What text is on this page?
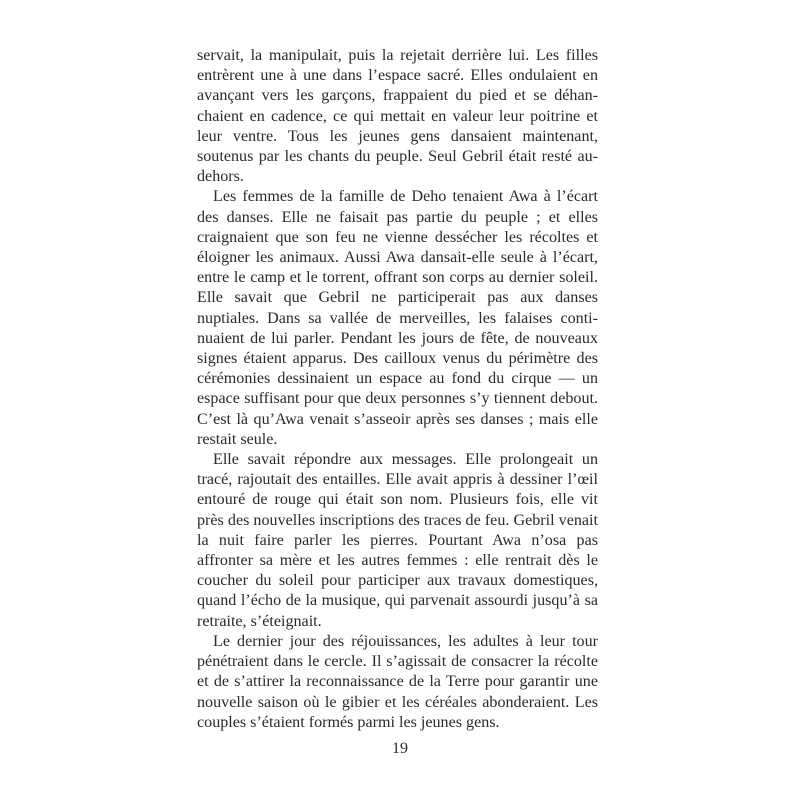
servait, la manipulait, puis la rejetait derrière lui. Les filles entrèrent une à une dans l’espace sacré. Elles ondulaient en avançant vers les garçons, frappaient du pied et se déhanchaient en cadence, ce qui mettait en valeur leur poitrine et leur ventre. Tous les jeunes gens dansaient maintenant, soutenus par les chants du peuple. Seul Gebril était resté au-dehors.

Les femmes de la famille de Deho tenaient Awa à l’écart des danses. Elle ne faisait pas partie du peuple ; et elles craignaient que son feu ne vienne dessécher les récoltes et éloigner les animaux. Aussi Awa dansait-elle seule à l’écart, entre le camp et le torrent, offrant son corps au dernier soleil. Elle savait que Gebril ne participerait pas aux danses nuptiales. Dans sa vallée de merveilles, les falaises continuaient de lui parler. Pendant les jours de fête, de nouveaux signes étaient apparus. Des cailloux venus du périmètre des cérémonies dessinaient un espace au fond du cirque — un espace suffisant pour que deux personnes s’y tiennent debout. C’est là qu’Awa venait s’asseoir après ses danses ; mais elle restait seule.

Elle savait répondre aux messages. Elle prolongeait un tracé, rajoutait des entailles. Elle avait appris à dessiner l’œil entouré de rouge qui était son nom. Plusieurs fois, elle vit près des nouvelles inscriptions des traces de feu. Gebril venait la nuit faire parler les pierres. Pourtant Awa n’osa pas affronter sa mère et les autres femmes : elle rentrait dès le coucher du soleil pour participer aux travaux domestiques, quand l’écho de la musique, qui parvenait assourdi jusqu’à sa retraite, s’éteignait.

Le dernier jour des réjouissances, les adultes à leur tour pénétraient dans le cercle. Il s’agissait de consacrer la récolte et de s’attirer la reconnaissance de la Terre pour garantir une nouvelle saison où le gibier et les céréales abonderaient. Les couples s’étaient formés parmi les jeunes gens.

19
